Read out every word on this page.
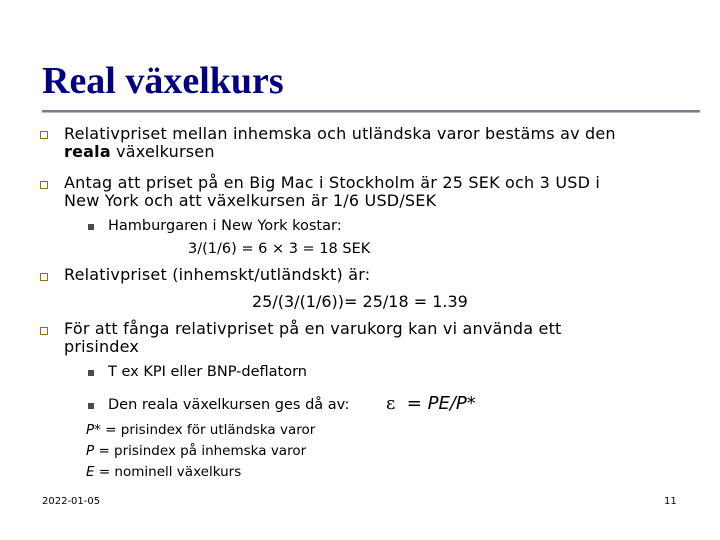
Real växelkurs
Relativpriset mellan inhemska och utländska varor bestäms av den
reala växelkursen
Antag att priset på en Big Mac i Stockholm är 25 SEK och 3 USD i
New York och att växelkursen är 1/6 USD/SEK
Hamburgaren i New York kostar:
3/(1/6) = 6 × 3 = 18 SEK
Relativpriset (inhemskt/utländskt) är:
25/(3/(1/6))= 25/18 = 1.39
För att fånga relativpriset på en varukorg kan vi använda ett
prisindex
T ex KPI eller BNP-deflatorn
Den reala växelkursen ges då av: ε = PE/P*
P* = prisindex för utländska varor
P = prisindex på inhemska varor
E = nominell växelkurs
2022-01-05	11
